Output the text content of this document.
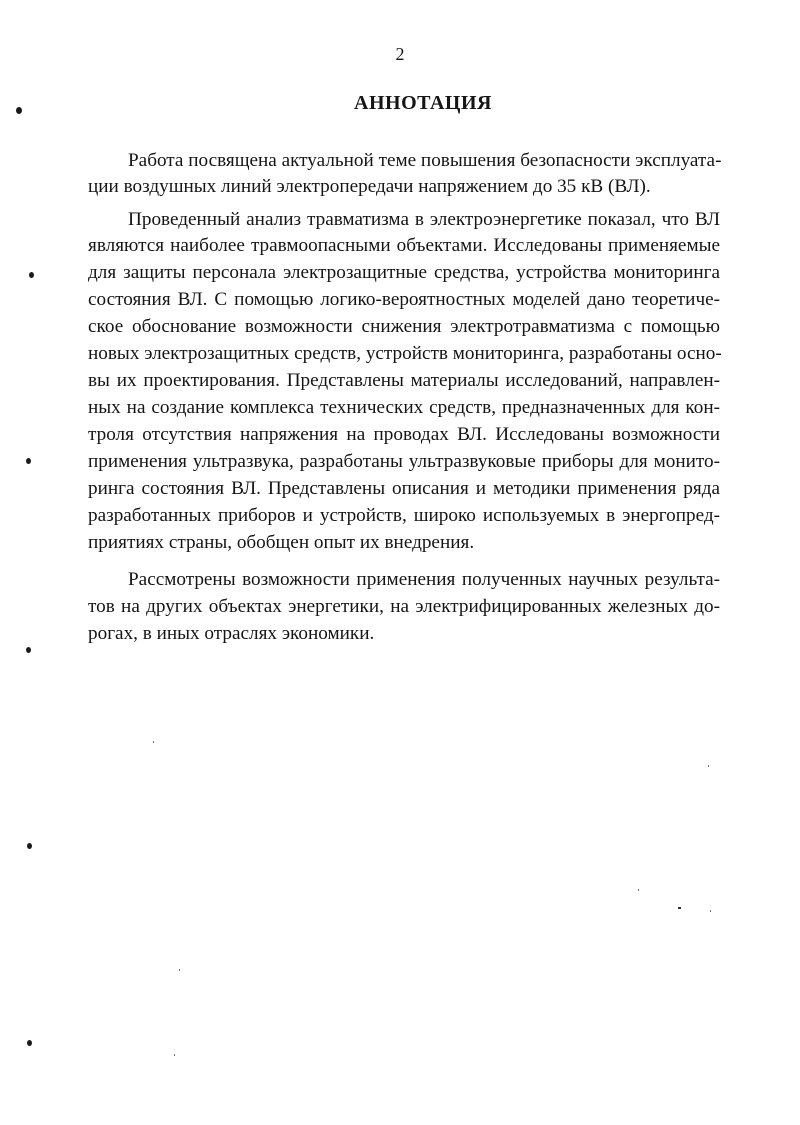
2
АННОТАЦИЯ
Работа посвящена актуальной теме повышения безопасности эксплуата-
ции воздушных линий электропередачи напряжением до 35 кВ (ВЛ).
Проведенный анализ травматизма в электроэнергетике показал, что ВЛ
являются наиболее травмоопасными объектами. Исследованы применяемые
для защиты персонала электрозащитные средства, устройства мониторинга
состояния ВЛ. С помощью логико-вероятностных моделей дано теоретиче-
ское обоснование возможности снижения электротравматизма с помощью
новых электрозащитных средств, устройств мониторинга, разработаны осно-
вы их проектирования. Представлены материалы исследований, направлен-
ных на создание комплекса технических средств, предназначенных для кон-
троля отсутствия напряжения на проводах ВЛ. Исследованы возможности
применения ультразвука, разработаны ультразвуковые приборы для монито-
ринга состояния ВЛ. Представлены описания и методики применения ряда
разработанных приборов и устройств, широко используемых в энергопред-
приятиях страны, обобщен опыт их внедрения.
Рассмотрены возможности применения полученных научных результа-
тов на других объектах энергетики, на электрифицированных железных до-
рогах, в иных отраслях экономики.
